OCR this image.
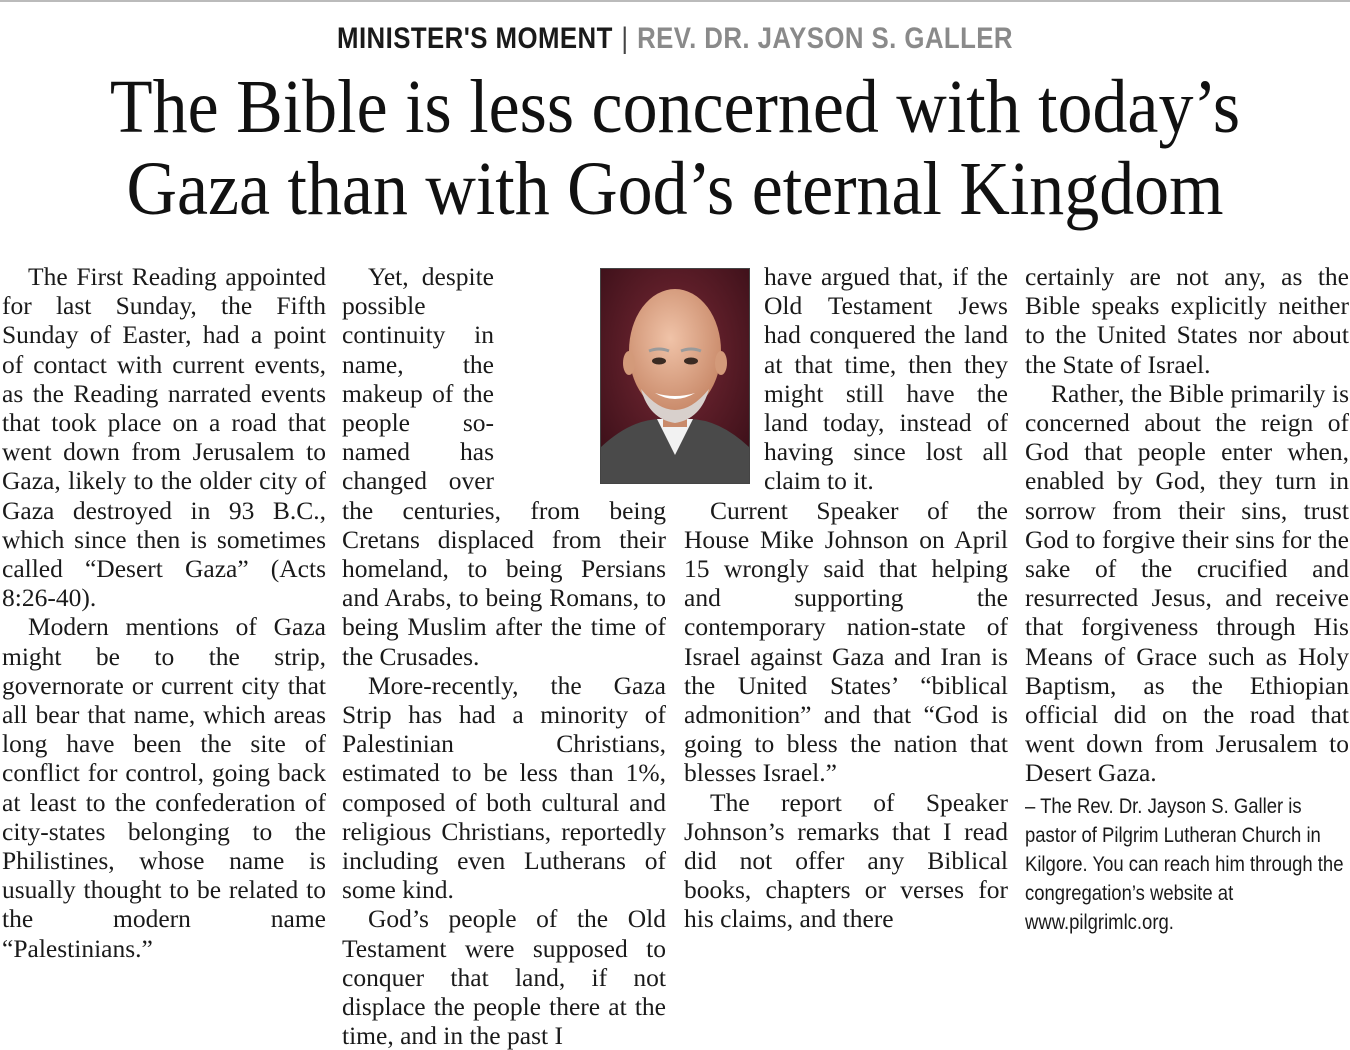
MINISTER'S MOMENT | REV. DR. JAYSON S. GALLER
The Bible is less concerned with today’s
Gaza than with God’s eternal Kingdom

The First Reading appointed for last Sunday, the Fifth Sunday of Easter, had a point of contact with current events, as the Reading narrated events that took place on a road that went down from Jerusalem to Gaza, likely to the older city of Gaza destroyed in 93 B.C., which since then is sometimes called “Desert Gaza” (Acts 8:26-40).

Modern mentions of Gaza might be to the strip, governorate or current city that all bear that name, which areas long have been the site of conflict for control, going back at least to the confederation of city-states belonging to the Philistines, whose name is usually thought to be related to the modern name “Palestinians.”

Yet, despite possible continuity in name, the makeup of the people so-named has changed over the centuries, from being Cretans displaced from their homeland, to being Persians and Arabs, to being Romans, to being Muslim after the time of the Crusades.

More-recently, the Gaza Strip has had a minority of Palestinian Christians, estimated to be less than 1%, composed of both cultural and religious Christians, reportedly including even Lutherans of some kind.

God’s people of the Old Testament were supposed to conquer that land, if not displace the people there at the time, and in the past I

have argued that, if the Old Testament Jews had conquered the land at that time, then they might still have the land today, instead of having since lost all claim to it.

Current Speaker of the House Mike Johnson on April 15 wrongly said that helping and supporting the contemporary nation-state of Israel against Gaza and Iran is the United States’ “biblical admonition” and that “God is going to bless the nation that blesses Israel.”

The report of Speaker Johnson’s remarks that I read did not offer any Biblical books, chapters or verses for his claims, and there

certainly are not any, as the Bible speaks explicitly neither to the United States nor about the State of Israel.

Rather, the Bible primarily is concerned about the reign of God that people enter when, enabled by God, they turn in sorrow from their sins, trust God to forgive their sins for the sake of the crucified and resurrected Jesus, and receive that forgiveness through His Means of Grace such as Holy Baptism, as the Ethiopian official did on the road that went down from Jerusalem to Desert Gaza.

– The Rev. Dr. Jayson S. Galler is pastor of Pilgrim Lutheran Church in Kilgore. You can reach him through the congregation’s website at www.pilgrimlc.org.
